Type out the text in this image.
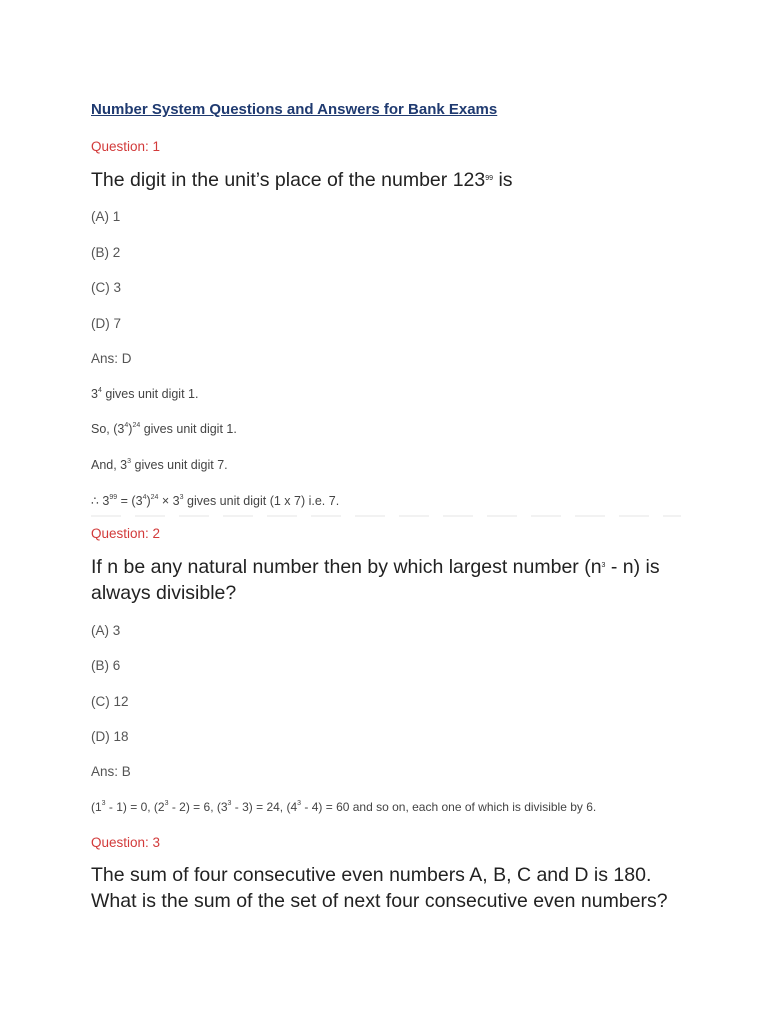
Number System Questions and Answers for Bank Exams
Question: 1
The digit in the unit’s place of the number $123^{99}$ is
(A) 1
(B) 2
(C) 3
(D) 7
Ans: D
$3^4$ gives unit digit 1.
So, $(3^4)^{24}$ gives unit digit 1.
And, $3^3$ gives unit digit 7.
∴ $3^{99} = (3^4)^{24} \times 3^3$ gives unit digit (1 x 7) i.e. 7.
Question: 2
If n be any natural number then by which largest number $(n^3 - n)$ is
always divisible?
(A) 3
(B) 6
(C) 12
(D) 18
Ans: B
$(1^3 - 1) = 0$, $(2^3 - 2) = 6$, $(3^3 - 3) = 24$, $(4^3 - 4) = 60$ and so on, each one of which is divisible by 6.
Question: 3
The sum of four consecutive even numbers A, B, C and D is 180.
What is the sum of the set of next four consecutive even numbers?
